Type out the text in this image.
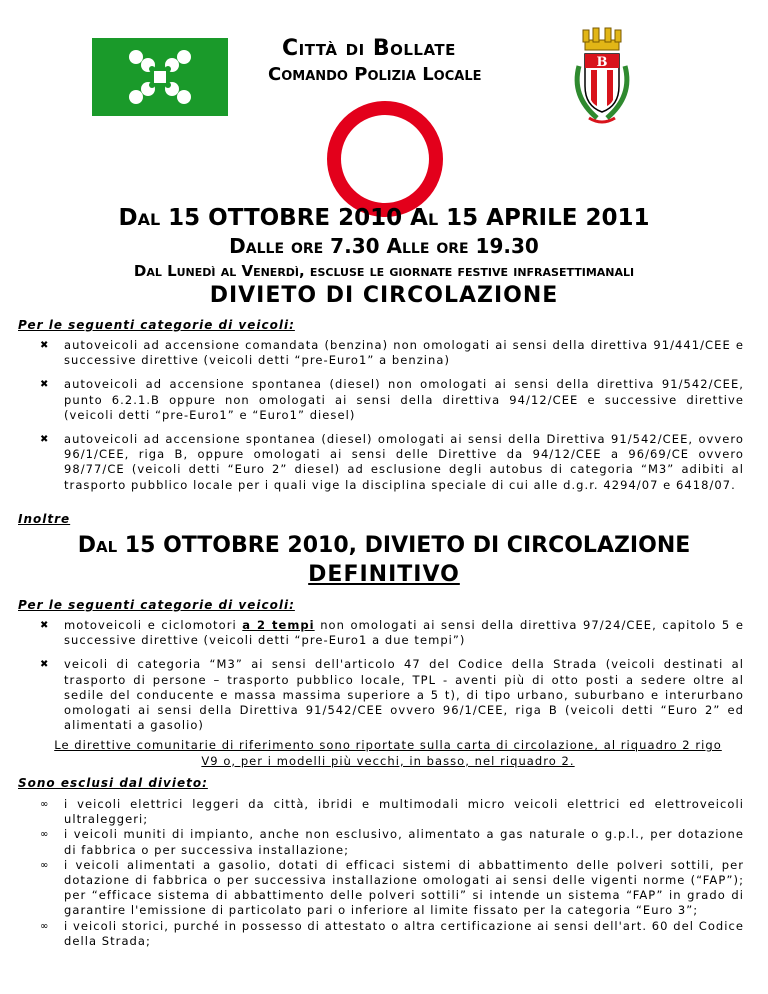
Città di Bollate
Comando Polizia Locale
B
Dal 15 OTTOBRE 2010 Al 15 APRILE 2011
Dalle ore 7.30 Alle ore 19.30
Dal Lunedì al Venerdì, escluse le giornate festive infrasettimanali
DIVIETO DI CIRCOLAZIONE
Per le seguenti categorie di veicoli:
✖ autoveicoli ad accensione comandata (benzina) non omologati ai sensi della direttiva 91/441/CEE e successive direttive (veicoli detti “pre-Euro1” a benzina)
✖ autoveicoli ad accensione spontanea (diesel) non omologati ai sensi della direttiva 91/542/CEE, punto 6.2.1.B oppure non omologati ai sensi della direttiva 94/12/CEE e successive direttive (veicoli detti “pre-Euro1” e “Euro1” diesel)
✖ autoveicoli ad accensione spontanea (diesel) omologati ai sensi della Direttiva 91/542/CEE, ovvero 96/1/CEE, riga B, oppure omologati ai sensi delle Direttive da 94/12/CEE a 96/69/CE ovvero 98/77/CE (veicoli detti “Euro 2” diesel) ad esclusione degli autobus di categoria “M3” adibiti al trasporto pubblico locale per i quali vige la disciplina speciale di cui alle d.g.r. 4294/07 e 6418/07.
Inoltre
Dal 15 OTTOBRE 2010, DIVIETO DI CIRCOLAZIONE
DEFINITIVO
Per le seguenti categorie di veicoli:
✖ motoveicoli e ciclomotori a 2 tempi non omologati ai sensi della direttiva 97/24/CEE, capitolo 5 e successive direttive (veicoli detti “pre-Euro1 a due tempi”)
✖ veicoli di categoria “M3” ai sensi dell'articolo 47 del Codice della Strada (veicoli destinati al trasporto di persone – trasporto pubblico locale, TPL - aventi più di otto posti a sedere oltre al sedile del conducente e massa massima superiore a 5 t), di tipo urbano, suburbano e interurbano omologati ai sensi della Direttiva 91/542/CEE ovvero 96/1/CEE, riga B (veicoli detti “Euro 2” ed alimentati a gasolio)
Le direttive comunitarie di riferimento sono riportate sulla carta di circolazione, al riquadro 2 rigo V9 o, per i modelli più vecchi, in basso, nel riquadro 2.
Sono esclusi dal divieto:
∞ i veicoli elettrici leggeri da città, ibridi e multimodali micro veicoli elettrici ed elettroveicoli ultraleggeri;
∞ i veicoli muniti di impianto, anche non esclusivo, alimentato a gas naturale o g.p.l., per dotazione di fabbrica o per successiva installazione;
∞ i veicoli alimentati a gasolio, dotati di efficaci sistemi di abbattimento delle polveri sottili, per dotazione di fabbrica o per successiva installazione omologati ai sensi delle vigenti norme (“FAP”); per “efficace sistema di abbattimento delle polveri sottili” si intende un sistema “FAP” in grado di garantire l'emissione di particolato pari o inferiore al limite fissato per la categoria “Euro 3”;
∞ i veicoli storici, purché in possesso di attestato o altra certificazione ai sensi dell'art. 60 del Codice della Strada;
